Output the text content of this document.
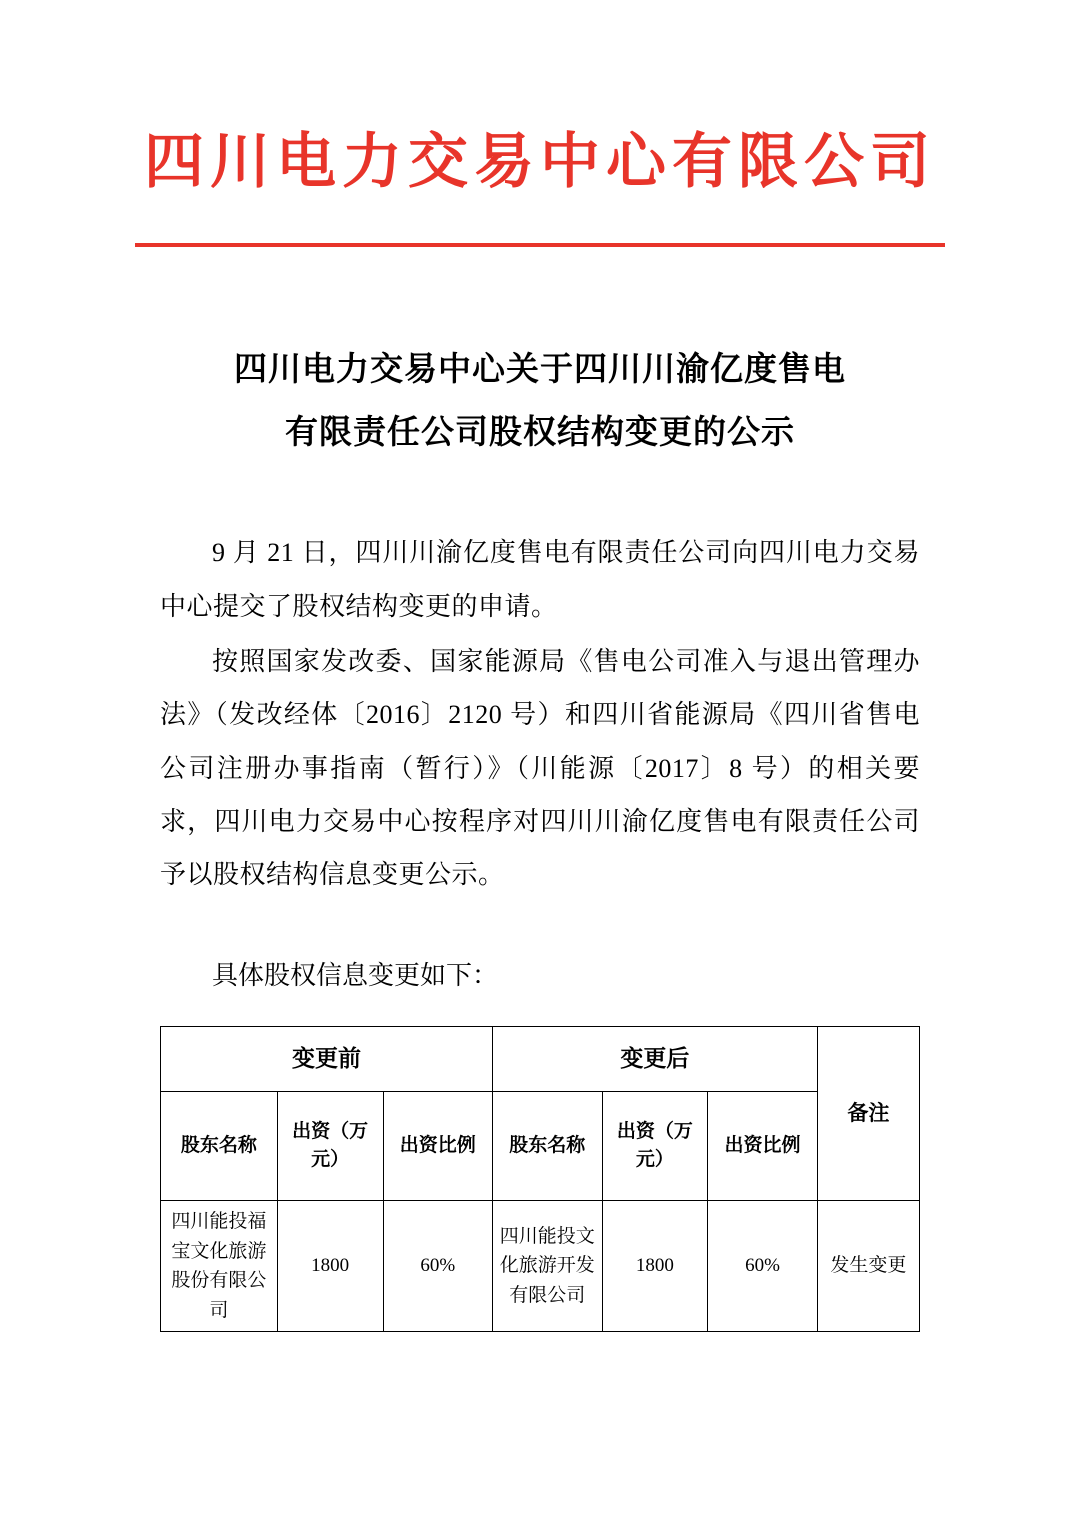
四川电力交易中心有限公司
四川电力交易中心关于四川川渝亿度售电
有限责任公司股权结构变更的公示

9 月 21 日，四川川渝亿度售电有限责任公司向四川电力交易中心提交了股权结构变更的申请。

按照国家发改委、国家能源局《售电公司准入与退出管理办法》（发改经体〔2016〕2120 号）和四川省能源局《四川省售电公司注册办事指南（暂行）》（川能源〔2017〕8 号）的相关要求，四川电力交易中心按程序对四川川渝亿度售电有限责任公司予以股权结构信息变更公示。

具体股权信息变更如下：

变更前			变更后			备注
股东名称	出资（万元）	出资比例	股东名称	出资（万元）	出资比例	
四川能投福宝文化旅游股份有限公司	1800	60%	四川能投文化旅游开发有限公司	1800	60%	发生变更
